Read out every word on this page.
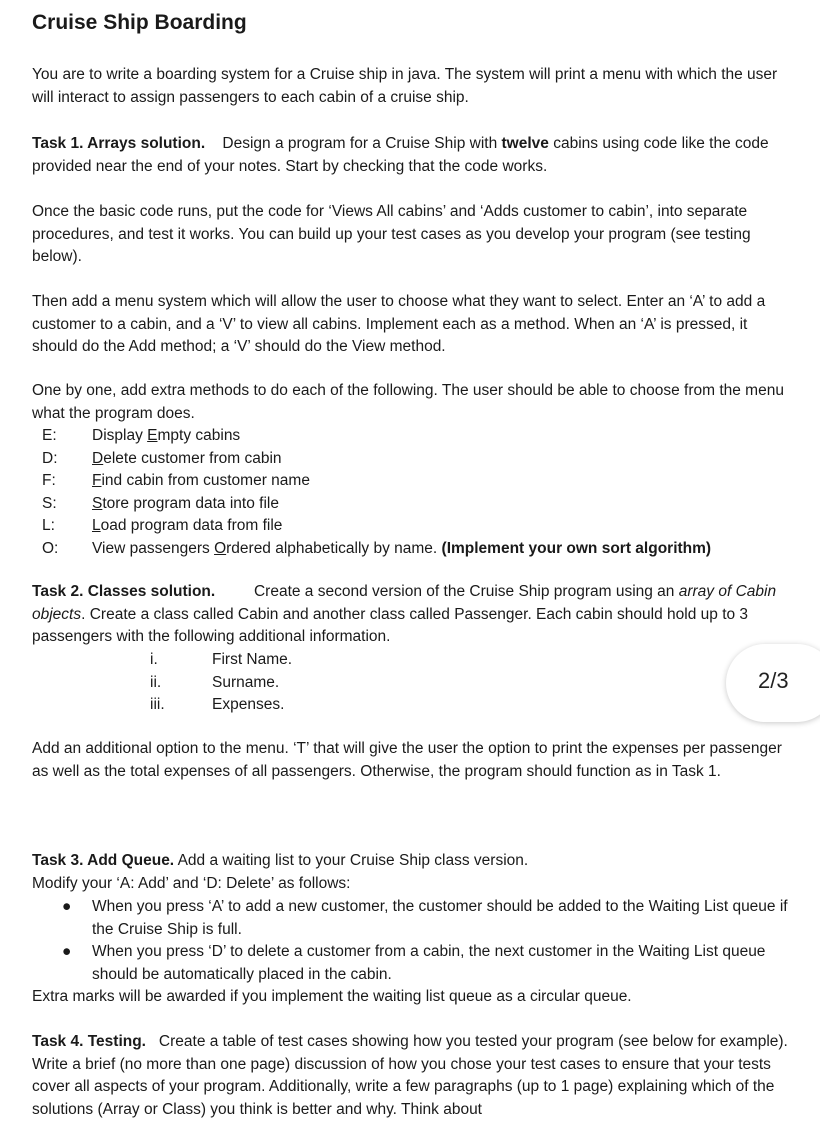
Cruise Ship Boarding

You are to write a boarding system for a Cruise ship in java. The system will print a menu with which the user will interact to assign passengers to each cabin of a cruise ship.

Task 1. Arrays solution. Design a program for a Cruise Ship with twelve cabins using code like the code provided near the end of your notes. Start by checking that the code works.

Once the basic code runs, put the code for ‘Views All cabins’ and ‘Adds customer to cabin’, into separate procedures, and test it works. You can build up your test cases as you develop your program (see testing below).

Then add a menu system which will allow the user to choose what they want to select. Enter an ‘A’ to add a customer to a cabin, and a ‘V’ to view all cabins. Implement each as a method. When an ‘A’ is pressed, it should do the Add method; a ‘V’ should do the View method.

One by one, add extra methods to do each of the following. The user should be able to choose from the menu what the program does.

E: Display Empty cabins
D: Delete customer from cabin
F: Find cabin from customer name
S: Store program data into file
L: Load program data from file
O: View passengers Ordered alphabetically by name. (Implement your own sort algorithm)

Task 2. Classes solution.	Create a second version of the Cruise Ship program using an array of Cabin objects. Create a class called Cabin and another class called Passenger. Each cabin should hold up to 3 passengers with the following additional information.

i.	First Name.
ii.	Surname.
iii.	Expenses.
2/3

Add an additional option to the menu. ‘T’ that will give the user the option to print the expenses per passenger as well as the total expenses of all passengers. Otherwise, the program should function as in Task 1.

Task 3. Add Queue. Add a waiting list to your Cruise Ship class version.
Modify your ‘A: Add’ and ‘D: Delete’ as follows:

● When you press ‘A’ to add a new customer, the customer should be added to the Waiting List queue if the Cruise Ship is full.
● When you press ‘D’ to delete a customer from a cabin, the next customer in the Waiting List queue should be automatically placed in the cabin.

Extra marks will be awarded if you implement the waiting list queue as a circular queue.

Task 4. Testing. Create a table of test cases showing how you tested your program (see below for example). Write a brief (no more than one page) discussion of how you chose your test cases to ensure that your tests cover all aspects of your program. Additionally, write a few paragraphs (up to 1 page) explaining which of the solutions (Array or Class) you think is better and why. Think about
